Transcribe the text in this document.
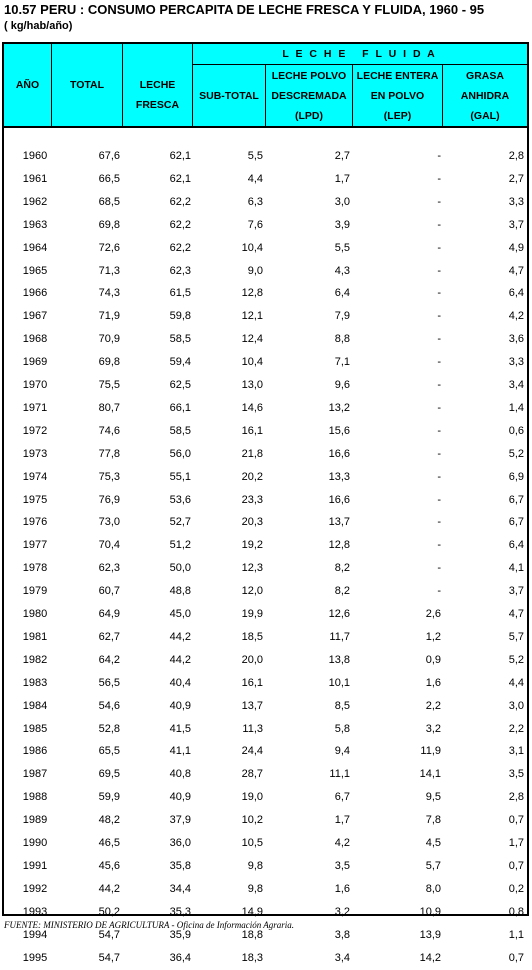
10.57 PERU : CONSUMO PERCAPITA DE LECHE FRESCA Y FLUIDA, 1960 - 95
( kg/hab/año)
L E C H E   F L U I D A
AÑO	TOTAL	LECHE
FRESCA
SUB-TOTAL
LECHE POLVO
DESCREMADA
(LPD)
LECHE ENTERA
EN POLVO
(LEP)
GRASA
ANHIDRA
(GAL)
1960	67,6	62,1	5,5	2,7	-	2,8
1961	66,5	62,1	4,4	1,7	-	2,7
1962	68,5	62,2	6,3	3,0	-	3,3
1963	69,8	62,2	7,6	3,9	-	3,7
1964	72,6	62,2	10,4	5,5	-	4,9
1965	71,3	62,3	9,0	4,3	-	4,7
1966	74,3	61,5	12,8	6,4	-	6,4
1967	71,9	59,8	12,1	7,9	-	4,2
1968	70,9	58,5	12,4	8,8	-	3,6
1969	69,8	59,4	10,4	7,1	-	3,3
1970	75,5	62,5	13,0	9,6	-	3,4
1971	80,7	66,1	14,6	13,2	-	1,4
1972	74,6	58,5	16,1	15,6	-	0,6
1973	77,8	56,0	21,8	16,6	-	5,2
1974	75,3	55,1	20,2	13,3	-	6,9
1975	76,9	53,6	23,3	16,6	-	6,7
1976	73,0	52,7	20,3	13,7	-	6,7
1977	70,4	51,2	19,2	12,8	-	6,4
1978	62,3	50,0	12,3	8,2	-	4,1
1979	60,7	48,8	12,0	8,2	-	3,7
1980	64,9	45,0	19,9	12,6	2,6	4,7
1981	62,7	44,2	18,5	11,7	1,2	5,7
1982	64,2	44,2	20,0	13,8	0,9	5,2
1983	56,5	40,4	16,1	10,1	1,6	4,4
1984	54,6	40,9	13,7	8,5	2,2	3,0
1985	52,8	41,5	11,3	5,8	3,2	2,2
1986	65,5	41,1	24,4	9,4	11,9	3,1
1987	69,5	40,8	28,7	11,1	14,1	3,5
1988	59,9	40,9	19,0	6,7	9,5	2,8
1989	48,2	37,9	10,2	1,7	7,8	0,7
1990	46,5	36,0	10,5	4,2	4,5	1,7
1991	45,6	35,8	9,8	3,5	5,7	0,7
1992	44,2	34,4	9,8	1,6	8,0	0,2
1993	50,2	35,3	14,9	3,2	10,9	0,8
1994	54,7	35,9	18,8	3,8	13,9	1,1
1995	54,7	36,4	18,3	3,4	14,2	0,7
FUENTE: MINISTERIO DE AGRICULTURA - Oficina de Información Agraria.
